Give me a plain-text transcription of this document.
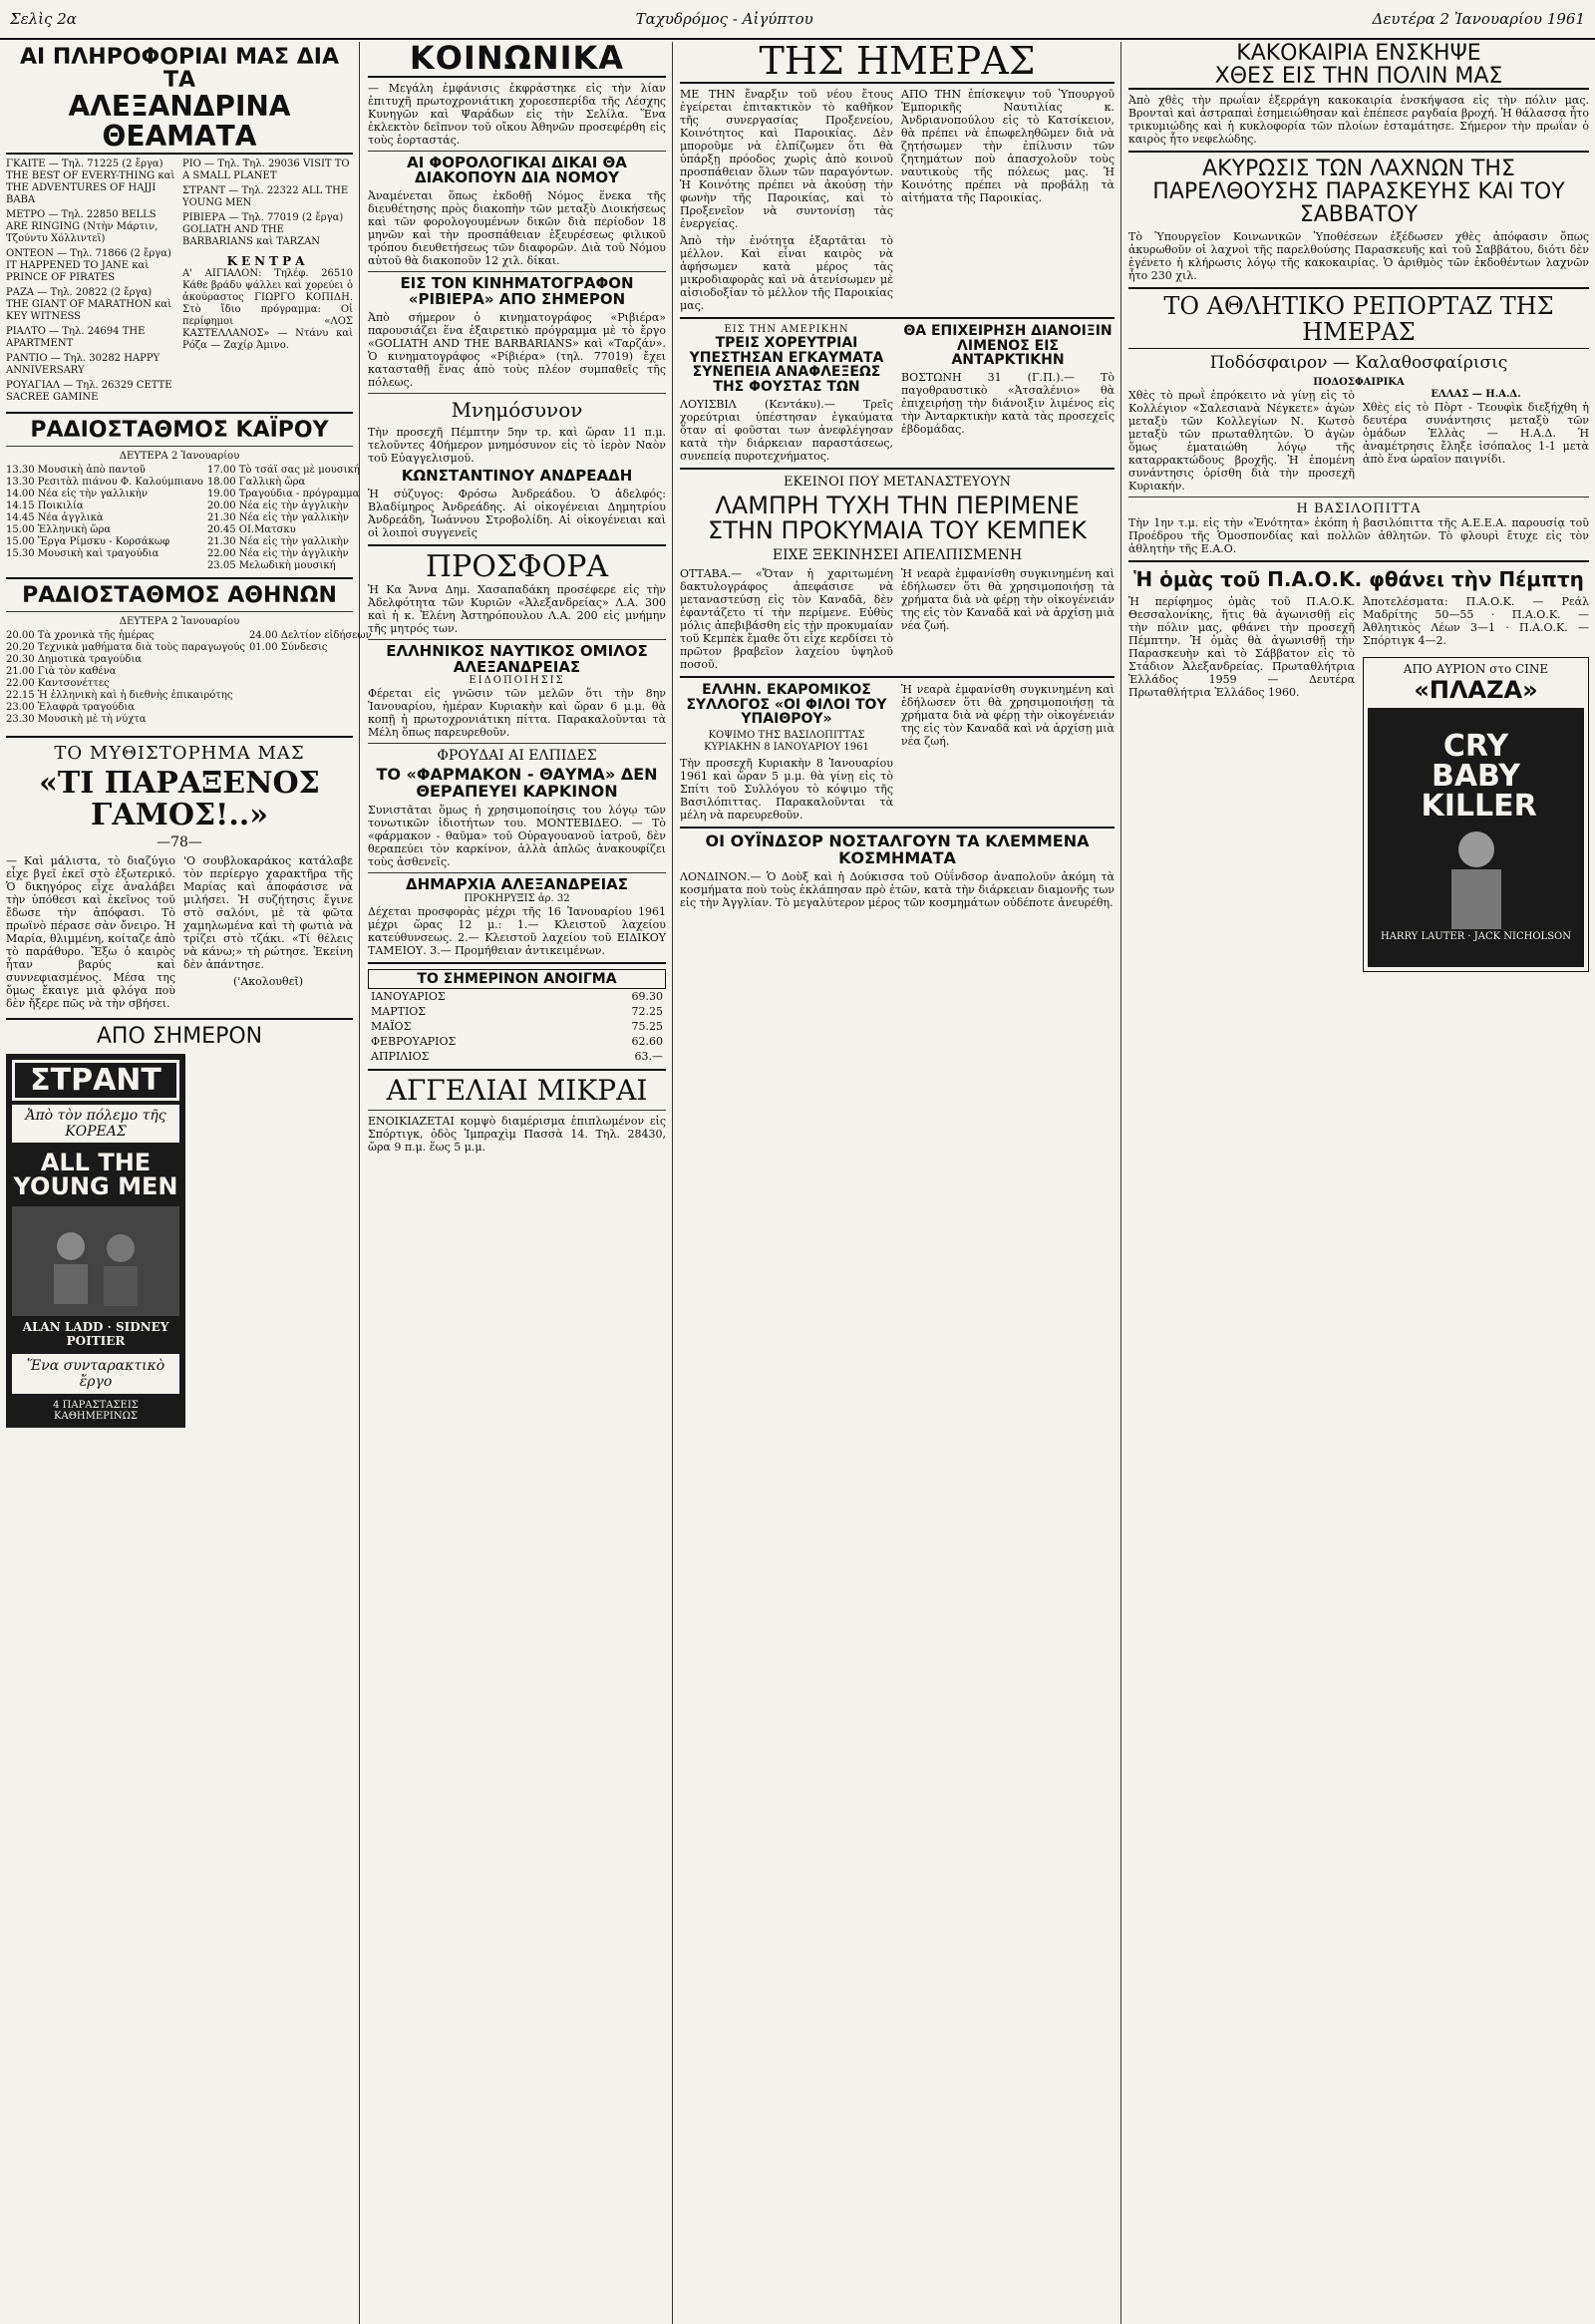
Σελὶς 2α	Ταχυδρόμος - Αἰγύπτου	Δευτέρα 2 Ἰανουαρίου 1961
ΑΙ ΠΛΗΡΟΦΟΡΙΑΙ ΜΑΣ ΔΙΑ ΤΑ
ΑΛΕΞΑΝΔΡΙΝΑ ΘΕΑΜΑΤΑ
ΓΚΑΙΤΕ — Τηλ. 71225 (2 ἔργα) THE BEST OF EVERY-THING καὶ THE ADVENTURES OF HAJJI BABA
ΜΕΤΡΟ — Τηλ. 22850 BELLS ARE RINGING (Ντὴν Μάρτιν, Τζούντυ Χόλλιντεϊ)
ΟΝΤΕΟΝ — Τηλ. 71866 (2 ἔργα) IT HAPPENED TO JANE καὶ PRINCE OF PIRATES
ΡΑΖΑ — Τηλ. 20822 (2 ἔργα) THE GIANT OF MARATHON καὶ KEY WITNESS
ΡΙΑΛΤΟ — Τηλ. 24694 THE APARTMENT
ΡΑΝΤΙΟ — Τηλ. 30282 HAPPY ANNIVERSARY
ΡΟΥΑΓΙΑΛ — Τηλ. 26329 CETTE SACREE GAMINE
ΡΙΟ — Τηλ. Τηλ. 29036 VISIT TO A SMALL PLANET
ΣΤΡΑΝΤ — Τηλ. 22322 ALL THE YOUNG MEN
ΡΙΒΙΕΡΑ — Τηλ. 77019 (2 ἔργα) GOLIATH AND THE BARBARIANS καὶ TARZAN
ΚΕΝΤΡΑ
Α' ΑΙΓΙΑΛΟΝ: Τηλέφ. 26510 Κάθε βράδυ ψάλλει καὶ χορεύει ὁ ἀκούραστος ΓΙΩΡΓΟ ΚΟΠΙΔΗ. Στὸ ἴδιο πρόγραμμα: Οἱ περίφημοι «ΛΟΣ ΚΑΣΤΕΛΛΑΝΟΣ» — Ντάνυ καὶ Ρόζα — Ζαχίρ Άμινο.
ΡΑΔΙΟΣΤΑΘΜΟΣ ΚΑΪΡΟΥ
ΔΕΥΤΕΡΑ 2 Ἰανουαρίου
13.30 Μουσικὴ ἀπὸ παντοῦ
13.30 Ρεσιτὰλ πιάνου Φ. Καλούμπιανο
14.00 Νέα εἰς τὴν γαλλικὴν
14.15 Ποικιλία
14.45 Νέα ἀγγλικὰ
15.00 Ἑλληνικὴ ὥρα
15.00 Ἔργα Ρίμσκυ - Κορσάκωφ
15.30 Μουσικὴ καὶ τραγούδια
17.00 Τὸ τσάϊ σας μὲ μουσική
18.00 Γαλλικὴ ὥρα
19.00 Τραγούδια - πρόγραμμα
20.00 Νέα εἰς τὴν ἀγγλικὴν
21.30 Νέα εἰς τὴν γαλλικὴν
20.45 ΟΙ.Ματσκυ
21.30 Νέα εἰς τὴν γαλλικὴν
22.00 Νέα εἰς τὴν ἀγγλικὴν
23.05 Μελωδικὴ μουσική
ΡΑΔΙΟΣΤΑΘΜΟΣ ΑΘΗΝΩΝ
ΔΕΥΤΕΡΑ 2 Ἰανουαρίου
20.00 Τὰ χρονικὰ τῆς ἡμέρας
20.20 Τεχνικὰ μαθήματα διὰ τοὺς παραγωγούς
20.30 Δημοτικὰ τραγούδια
21.00 Γιὰ τὸν καθένα
22.00 Καντσονέττες
22.15 Ἡ ἑλληνικὴ καὶ ἡ διεθνὴς ἐπικαιρότης
23.00 Ἑλαφρὰ τραγούδια
23.30 Μουσικὴ μὲ τὴ νύχτα
24.00 Δελτίον εἰδήσεων
01.00 Σύνδεσις
ΤΟ ΜΥΘΙΣΤΟΡΗΜΑ ΜΑΣ
«ΤΙ ΠΑΡΑΞΕΝΟΣ ΓΑΜΟΣ!..»
—78—
— Καὶ μάλιστα, τὸ διαζύγιο εἶχε βγεῖ ἐκεῖ στὸ ἐξωτερικό. Ὁ δικηγόρος εἶχε ἀναλάβει τὴν ὑπόθεσι καὶ ἐκεῖνος τοῦ ἔδωσε τὴν ἀπόφασι. Τὸ πρωϊνὸ πέρασε σὰν ὄνειρο. Ἡ Μαρία, θλιμμένη, κοίταζε ἀπὸ τὸ παράθυρο. Ἔξω ὁ καιρὸς ἦταν βαρύς καὶ συννεφιασμένος. Μέσα της ὅμως ἔκαιγε μιὰ φλόγα ποὺ δὲν ἤξερε πῶς νὰ τὴν σβήσει.
'Ο σουβλοκαράκος κατάλαβε τὸν περίεργο χαρακτῆρα τῆς Μαρίας καὶ ἀποφάσισε νὰ μιλήσει. Ἡ συζήτησις ἔγινε στὸ σαλόνι, μὲ τὰ φῶτα χαμηλωμένα καὶ τὴ φωτιὰ νὰ τρίζει στὸ τζάκι. «Τί θέλεις νὰ κάνω;» τὴ ρώτησε. Ἐκείνη δὲν ἀπάντησε.
('Ακολουθεῖ)
ΑΠΟ ΣΗΜΕΡΟΝ
ΣΤΡΑΝΤ
Ἀπὸ τὸν πόλεμο τῆς ΚΟΡΕΑΣ
ALL THE YOUNG MEN
ALAN LADD · SIDNEY POITIER
Ἕνα συνταρακτικὸ ἔργο
4 ΠΑΡΑΣΤΑΣΕΙΣ ΚΑΘΗΜΕΡΙΝΩΣ
ΚΟΙΝΩΝΙΚΑ
— Μεγάλη ἐμφάνισις ἐκφράστηκε εἰς τὴν λίαν ἐπιτυχῆ πρωτοχρονιάτικη χοροεσπερίδα τῆς Λέσχης Κυνηγῶν καὶ Ψαράδων εἰς τὴν Σελίλα. Ἕνα ἐκλεκτὸν δεῖπνον τοῦ οἴκου Ἀθηνῶν προσεφέρθη εἰς τοὺς ἑορταστάς.
ΑΙ ΦΟΡΟΛΟΓΙΚΑΙ ΔΙΚΑΙ ΘΑ ΔΙΑΚΟΠΟΥΝ ΔΙΑ ΝΟΜΟΥ
Ἀναμένεται ὅπως ἐκδοθῇ Νόμος ἕνεκα τῆς διευθέτησης πρὸς διακοπὴν τῶν μεταξὺ Διοικήσεως καὶ τῶν φορολογουμένων δικῶν διὰ περίοδον 18 μηνῶν καὶ τὴν προσπάθειαν ἐξευρέσεως φιλικοῦ τρόπου διευθετήσεως τῶν διαφορῶν. Διὰ τοῦ Νόμου αὐτοῦ θὰ διακοποῦν 12 χιλ. δίκαι.
ΕΙΣ ΤΟΝ ΚΙΝΗΜΑΤΟΓΡΑΦΟΝ «ΡΙΒΙΕΡΑ» ΑΠΟ ΣΗΜΕΡΟΝ
Ἀπὸ σήμερον ὁ κινηματογράφος «Ριβιέρα» παρουσιάζει ἕνα ἐξαιρετικὸ πρόγραμμα μὲ τὸ ἔργο «GOLIATH AND THE BARBARIANS» καὶ «Ταρζάν». Ὁ κινηματογράφος «Ρίβιέρα» (τηλ. 77019) ἔχει κατασταθῇ ἕνας ἀπὸ τοὺς πλέον συμπαθεῖς τῆς πόλεως.
Μνημόσυνον
Τὴν προσεχῆ Πέμπτην 5ην τρ. καὶ ὥραν 11 π.μ. τελοῦντες 40ήμερον μνημόσυνον εἰς τὸ ἱερὸν Ναὸν τοῦ Εὐαγγελισμοῦ.
ΚΩΝΣΤΑΝΤΙΝΟΥ ΑΝΔΡΕΑΔΗ
Ἡ σύζυγος: Φρόσω Ἀνδρεάδου. Ὁ ἀδελφός: Βλαδίμηρος Ἀνδρεάδης. Αἱ οἰκογένειαι Δημητρίου Ἀνδρεάδη, Ἰωάννου Στροβολίδη. Αἱ οἰκογένειαι καὶ οἱ λοιποὶ συγγενεῖς
ΠΡΟΣΦΟΡΑ
Ἡ Κα Ἄννα Δημ. Χασαπαδάκη προσέφερε εἰς τὴν Ἀδελφότητα τῶν Κυριῶν «Ἀλεξανδρείας» Λ.Α. 300 καὶ ἡ κ. Ἑλένη Ἀστηρόπουλου Λ.Α. 200 εἰς μνήμην τῆς μητρός των.
ΕΛΛΗΝΙΚΟΣ ΝΑΥΤΙΚΟΣ ΟΜΙΛΟΣ ΑΛΕΞΑΝΔΡΕΙΑΣ
ΕΙΔΟΠΟΙΗΣΙΣ
Φέρεται εἰς γνῶσιν τῶν μελῶν ὅτι τὴν 8ην Ἰανουαρίου, ἡμέραν Κυριακὴν καὶ ὥραν 6 μ.μ. θὰ κοπῇ ἡ πρωτοχρονιάτικη πίττα. Παρακαλοῦνται τὰ Μέλη ὅπως παρευρεθοῦν.
ΦΡΟΥΔΑΙ ΑΙ ΕΛΠΙΔΕΣ
ΤΟ «ΦΑΡΜΑΚΟΝ - ΘΑΥΜΑ» ΔΕΝ ΘΕΡΑΠΕΥΕΙ ΚΑΡΚΙΝΟΝ
Συνιστᾶται ὅμως ἡ χρησιμοποίησις του λόγῳ τῶν τονωτικῶν ἰδιοτήτων του. ΜΟΝΤΕΒΙΔΕΟ. — Τὸ «φάρμακον - θαῦμα» τοῦ Οὐραγουανοῦ ἰατροῦ, δὲν θεραπεύει τὸν καρκίνον, ἀλλὰ ἁπλῶς ἀνακουφίζει τοὺς ἀσθενεῖς.
ΔΗΜΑΡΧΙΑ ΑΛΕΞΑΝΔΡΕΙΑΣ
ΠΡΟΚΗΡΥΞΙΣ ἀρ. 32
Δέχεται προσφορὰς μέχρι τῆς 16 Ἰανουαρίου 1961 μέχρι ὥρας 12 μ.: 1.— Κλειστοῦ λαχείου κατεύθυνσεως. 2.— Κλειστοῦ λαχείου τοῦ ΕΙΔΙΚΟΥ ΤΑΜΕΙΟΥ. 3.— Προμήθειαν ἀντικειμένων.
ΤΟ ΣΗΜΕΡΙΝΟΝ ΑΝΟΙΓΜΑ
ΙΑΝΟΥΑΡΙΟΣ	69.30
ΜΑΡΤΙΟΣ	72.25
ΜΑΪΟΣ	75.25
ΦΕΒΡΟΥΑΡΙΟΣ	62.60
ΑΠΡΙΛΙΟΣ	63.—
ΑΓΓΕΛΙΑΙ ΜΙΚΡΑΙ
ΕΝΟΙΚΙΑΖΕΤΑΙ κομψὸ διαμέρισμα ἐπιπλωμένον εἰς Σπόρτιγκ, ὁδὸς Ἰμπραχὶμ Πασσὰ 14. Τηλ. 28430, ὥρα 9 π.μ. ἕως 5 μ.μ.
ΤΗΣ ΗΜΕΡΑΣ
ΜΕ ΤΗΝ ἔναρξιν τοῦ νέου ἔτους ἐγείρεται ἐπιτακτικὸν τὸ καθῆκον τῆς συνεργασίας Προξενείου, Κοινότητος καὶ Παροικίας. Δὲν μποροῦμε νὰ ἐλπίζωμεν ὅτι θὰ ὑπάρξῃ πρόοδος χωρὶς ἀπὸ κοινοῦ προσπάθειαν ὅλων τῶν παραγόντων. Ἡ Κοινότης πρέπει νὰ ἀκούσῃ τὴν φωνὴν τῆς Παροικίας, καὶ τὸ Προξενεῖον νὰ συντονίσῃ τὰς ἐνεργείας.
Ἀπὸ τὴν ἑνότητα ἐξαρτᾶται τὸ μέλλον. Καὶ εἶναι καιρὸς νὰ ἀφήσωμεν κατὰ μέρος τὰς μικροδιαφορὰς καὶ νὰ ἀτενίσωμεν μὲ αἰσιοδοξίαν τὸ μέλλον τῆς Παροικίας μας.
ΑΠΟ ΤΗΝ ἐπίσκεψιν τοῦ Ὑπουργοῦ Ἐμπορικῆς Ναυτιλίας κ. Ἀνδριανοπούλου εἰς τὸ Κατσίκειον, θὰ πρέπει νὰ ἐπωφεληθῶμεν διὰ νὰ ζητήσωμεν τὴν ἐπίλυσιν τῶν ζητημάτων ποὺ ἀπασχολοῦν τοὺς ναυτικοὺς τῆς πόλεως μας. Ἡ Κοινότης πρέπει νὰ προβάλῃ τὰ αἰτήματα τῆς Παροικίας.
ΕΙΣ ΤΗΝ ΑΜΕΡΙΚΗΝ
ΤΡΕΙΣ ΧΟΡΕΥΤΡΙΑΙ ΥΠΕΣΤΗΣΑΝ ΕΓΚΑΥΜΑΤΑ ΣΥΝΕΠΕΙΑ ΑΝΑΦΛΕΞΕΩΣ ΤΗΣ ΦΟΥΣΤΑΣ ΤΩΝ
ΛΟΥΙΣΒΙΛ (Κεντάκυ).— Τρεῖς χορεύτριαι ὑπέστησαν ἐγκαύματα ὅταν αἱ φοῦσται των ἀνεφλέγησαν κατὰ τὴν διάρκειαν παραστάσεως, συνεπείᾳ πυροτεχνήματος.
ΘΑ ΕΠΙΧΕΙΡΗΣΗ ΔΙΑΝΟΙΞΙΝ ΛΙΜΕΝΟΣ ΕΙΣ ΑΝΤΑΡΚΤΙΚΗΝ
ΒΟΣΤΩΝΗ 31 (Γ.Π.).— Τὸ παγοθραυστικὸ «Ἀτσαλένιο» θὰ ἐπιχειρήσῃ τὴν διάνοιξιν λιμένος εἰς τὴν Ἀνταρκτικὴν κατὰ τὰς προσεχεῖς ἑβδομάδας.
ΕΚΕΙΝΟΙ ΠΟΥ ΜΕΤΑΝΑΣΤΕΥΟΥΝ
ΛΑΜΠΡΗ ΤΥΧΗ ΤΗΝ ΠΕΡΙΜΕΝΕ ΣΤΗΝ ΠΡΟΚΥΜΑΙΑ ΤΟΥ ΚΕΜΠΕΚ
ΕΙΧΕ ΞΕΚΙΝΗΣΕΙ ΑΠΕΛΠΙΣΜΕΝΗ
ΟΤΤΑΒΑ.— «Ὅταν ἡ χαριτωμένη δακτυλογράφος ἀπεφάσισε νὰ μεταναστεύσῃ εἰς τὸν Καναδᾶ, δὲν ἐφαντάζετο τί τὴν περίμενε. Εὐθὺς μόλις ἀπεβιβάσθη εἰς τὴν προκυμαίαν τοῦ Κεμπὲκ ἔμαθε ὅτι εἶχε κερδίσει τὸ πρῶτον βραβεῖον λαχείου ὑψηλοῦ ποσοῦ.
Ἡ νεαρὰ ἐμφανίσθη συγκινημένη καὶ ἐδήλωσεν ὅτι θὰ χρησιμοποιήσῃ τὰ χρήματα διὰ νὰ φέρῃ τὴν οἰκογένειάν της εἰς τὸν Καναδᾶ καὶ νὰ ἀρχίσῃ μιὰ νέα ζωή.
ΕΛΛΗΝ. ΕΚΑΡΟΜΙΚΟΣ ΣΥΛΛΟΓΟΣ «ΟΙ ΦΙΛΟΙ ΤΟΥ ΥΠΑΙΘΡΟΥ»
ΚΟΨΙΜΟ ΤΗΣ ΒΑΣΙΛΟΠΙΤΤΑΣ ΚΥΡΙΑΚΗΝ 8 ΙΑΝΟΥΑΡΙΟΥ 1961
Τὴν προσεχῆ Κυριακὴν 8 Ἰανουαρίου 1961 καὶ ὥραν 5 μ.μ. θὰ γίνῃ εἰς τὸ Σπίτι τοῦ Συλλόγου τὸ κόψιμο τῆς Βασιλόπιττας. Παρακαλοῦνται τὰ μέλη νὰ παρευρεθοῦν.

Ἡ νεαρὰ ἐμφανίσθη συγκινημένη καὶ ἐδήλωσεν ὅτι θὰ χρησιμοποιήσῃ τὰ χρήματα διὰ νὰ φέρῃ τὴν οἰκογένειάν της εἰς τὸν Καναδᾶ καὶ νὰ ἀρχίσῃ μιὰ νέα ζωή.

ΟΙ ΟΥΪΝΔΣΟΡ ΝΟΣΤΑΛΓΟΥΝ ΤΑ ΚΛΕΜΜΕΝΑ ΚΟΣΜΗΜΑΤΑ
ΛΟΝΔΙΝΟΝ.— Ὁ Δοὺξ καὶ ἡ Δούκισσα τοῦ Οὐΐνδσορ ἀναπολοῦν ἀκόμη τὰ κοσμήματα ποὺ τοὺς ἐκλάπησαν πρὸ ἐτῶν, κατὰ τὴν διάρκειαν διαμονῆς των εἰς τὴν Ἀγγλίαν. Τὸ μεγαλύτερον μέρος τῶν κοσμημάτων οὐδέποτε ἀνευρέθη.
ΚΑΚΟΚΑΙΡΙΑ ΕΝΣΚΗΨΕ
ΧΘΕΣ ΕΙΣ ΤΗΝ ΠΟΛΙΝ ΜΑΣ
Ἀπὸ χθὲς τὴν πρωΐαν ἐξερράγη κακοκαιρία ἐνσκήψασα εἰς τὴν πόλιν μας. Βρονταὶ καὶ ἀστραπαὶ ἐσημειώθησαν καὶ ἐπέπεσε ραγδαία βροχή. Ἡ θάλασσα ἦτο τρικυμιώδης καὶ ἡ κυκλοφορία τῶν πλοίων ἐσταμάτησε. Σήμερον τὴν πρωΐαν ὁ καιρὸς ἦτο νεφελώδης.
ΑΚΥΡΩΣΙΣ ΤΩΝ ΛΑΧΝΩΝ ΤΗΣ ΠΑΡΕΛΘΟΥΣΗΣ ΠΑΡΑΣΚΕΥΗΣ ΚΑΙ ΤΟΥ ΣΑΒΒΑΤΟΥ
Τὸ Ὑπουργεῖον Κοινωνικῶν Ὑποθέσεων ἐξέδωσεν χθὲς ἀπόφασιν ὅπως ἀκυρωθοῦν οἱ λαχνοὶ τῆς παρελθούσης Παρασκευῆς καὶ τοῦ Σαββάτου, διότι δὲν ἐγένετο ἡ κλήρωσις λόγῳ τῆς κακοκαιρίας. Ὁ ἀριθμὸς τῶν ἐκδοθέντων λαχνῶν ἦτο 230 χιλ.
ΤΟ ΑΘΛΗΤΙΚΟ ΡΕΠΟΡΤΑΖ ΤΗΣ ΗΜΕΡΑΣ
Ποδόσφαιρον — Καλαθοσφαίρισις
ΠΟΔΟΣΦΑΙΡΙΚΑ
Χθὲς τὸ πρωῒ ἐπρόκειτο νὰ γίνῃ εἰς τὸ Κολλέγιον «Σαλεσιανὰ Νέγκετε» ἀγὼν μεταξὺ τῶν Κολλεγίων Ν. Κωτσὸ μεταξὺ τῶν πρωταθλητῶν. Ὁ ἀγὼν ὅμως ἐματαιώθη λόγῳ τῆς καταρρακτώδους βροχῆς. Ἡ ἑπομένη συνάντησις ὁρίσθη διὰ τὴν προσεχῆ Κυριακήν.
ΕΛΛΑΣ — Η.Α.Δ.
Χθὲς εἰς τὸ Πὸρτ - Τεουφὶκ διεξήχθη ἡ δευτέρα συνάντησις μεταξὺ τῶν ὁμάδων Ἑλλὰς — Η.Α.Δ. Ἡ ἀναμέτρησις ἔληξε ἰσόπαλος 1-1 μετὰ ἀπὸ ἕνα ὡραῖον παιγνίδι.
Η ΒΑΣΙΛΟΠΙΤΤΑ
Τὴν 1ην τ.μ. εἰς τὴν «Ἐνότητα» ἐκόπη ἡ βασιλόπιττα τῆς Α.Ε.Ε.Α. παρουσίᾳ τοῦ Προέδρου τῆς Ὁμοσπονδίας καὶ πολλῶν ἀθλητῶν. Τὸ φλουρὶ ἔτυχε εἰς τὸν ἀθλητὴν τῆς Ε.Α.Ο.
Ἡ ὁμὰς τοῦ Π.Α.Ο.Κ. φθάνει τὴν Πέμπτη
Ἡ περίφημος ὁμὰς τοῦ Π.Α.Ο.Κ. Θεσσαλονίκης, ἥτις θὰ ἀγωνισθῇ εἰς τὴν πόλιν μας, φθάνει τὴν προσεχῆ Πέμπτην. Ἡ ὁμὰς θὰ ἀγωνισθῇ τὴν Παρασκευὴν καὶ τὸ Σάββατον εἰς τὸ Στάδιον Ἀλεξανδρείας. Πρωταθλήτρια Ἑλλάδος 1959 — Δευτέρα Πρωταθλήτρια Ἑλλάδος 1960.
Ἀποτελέσματα: Π.Α.Ο.Κ. — Ρεάλ Μαδρίτης 50—55 · Π.Α.Ο.Κ. — Ἀθλητικὸς Λέων 3—1 · Π.Α.Ο.Κ. — Σπόρτιγκ 4—2.
ΑΠΟ ΑΥΡΙΟΝ στο CINE
«ΠΛΑΖΑ»
CRY BABY KILLER
HARRY LAUTER · JACK NICHOLSON
